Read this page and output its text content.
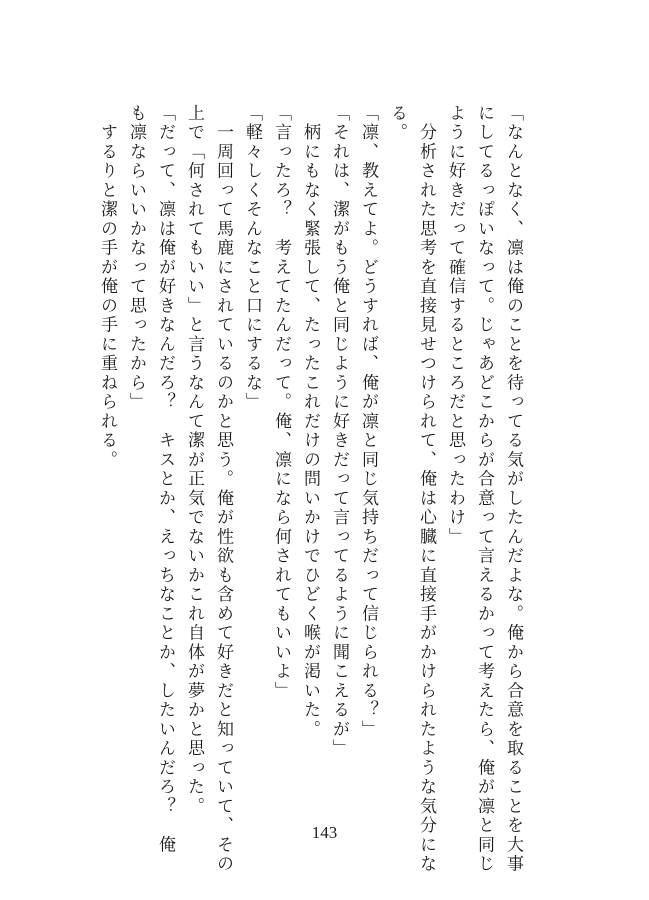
「なんとなく、凛は俺のことを待ってる気がしたんだよな。俺から合意を取ることを大事
にしてるっぽいなって。じゃあどこからが合意って言えるかって考えたら、俺が凛と同じ
ように好きだって確信するところだと思ったわけ」
　分析された思考を直接見せつけられて、俺は心臓に直接手がかけられたような気分にな
る。
「凛、教えてよ。どうすれば、俺が凛と同じ気持ちだって信じられる？」
「それは、潔がもう俺と同じように好きだって言ってるように聞こえるが」
　柄にもなく緊張して、たったこれだけの問いかけでひどく喉が渇いた。
「言ったろ？　考えてたんだって。俺、凛になら何されてもいいよ」
「軽々しくそんなこと口にするな」
　一周回って馬鹿にされているのかと思う。俺が性欲も含めて好きだと知っていて、その
上で「何されてもいい」と言うなんて潔が正気でないかこれ自体が夢かと思った。
「だって、凛は俺が好きなんだろ？　キスとか、えっちなことか、したいんだろ？　俺
も凛ならいいかなって思ったから」
　するりと潔の手が俺の手に重ねられる。
143
